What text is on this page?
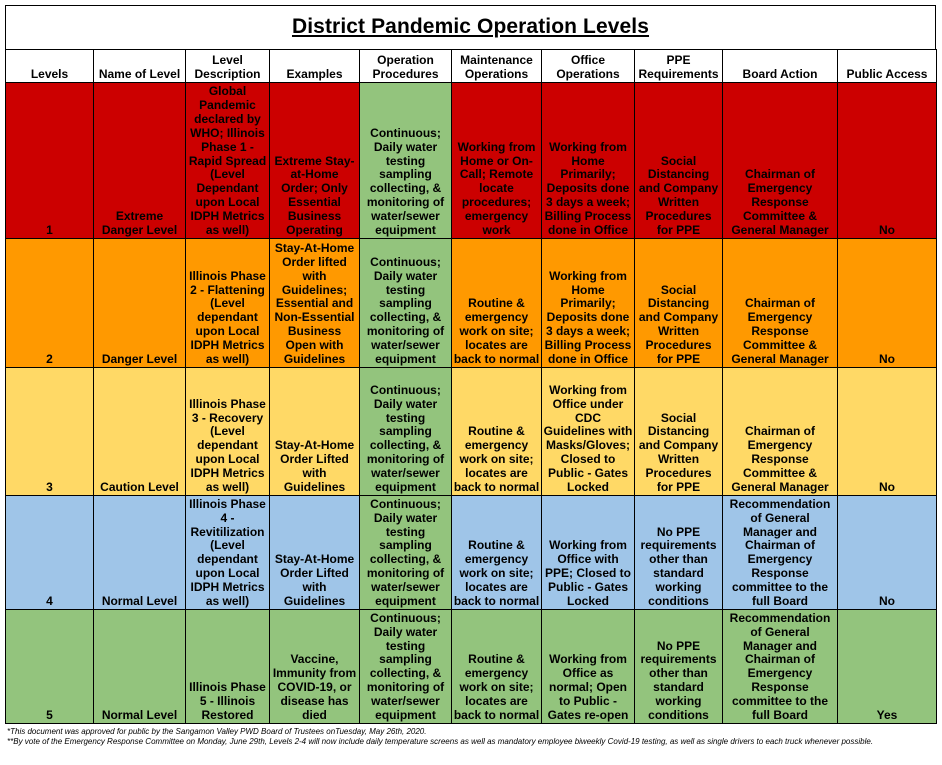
District Pandemic Operation Levels
Levels	Name of Level	Level Description	Examples	Operation Procedures	Maintenance Operations	Office Operations	PPE Requirements	Board Action	Public Access
1	Extreme Danger Level	Global Pandemic declared by WHO; Illinois Phase 1 - Rapid Spread (Level Dependant upon Local IDPH Metrics as well)	Extreme Stay-at-Home Order; Only Essential Business Operating	Continuous; Daily water testing sampling collecting, & monitoring of water/sewer equipment	Working from Home or On-Call; Remote locate procedures; emergency work	Working from Home Primarily; Deposits done 3 days a week; Billing Process done in Office	Social Distancing and Company Written Procedures for PPE	Chairman of Emergency Response Committee & General Manager	No
2	Danger Level	Illinois Phase 2 - Flattening (Level dependant upon Local IDPH Metrics as well)	Stay-At-Home Order lifted with Guidelines; Essential and Non-Essential Business Open with Guidelines	Continuous; Daily water testing sampling collecting, & monitoring of water/sewer equipment	Routine & emergency work on site; locates are back to normal	Working from Home Primarily; Deposits done 3 days a week; Billing Process done in Office	Social Distancing and Company Written Procedures for PPE	Chairman of Emergency Response Committee & General Manager	No
3	Caution Level	Illinois Phase 3 - Recovery (Level dependant upon Local IDPH Metrics as well)	Stay-At-Home Order Lifted with Guidelines	Continuous; Daily water testing sampling collecting, & monitoring of water/sewer equipment	Routine & emergency work on site; locates are back to normal	Working from Office under CDC Guidelines with Masks/Gloves; Closed to Public - Gates Locked	Social Distancing and Company Written Procedures for PPE	Chairman of Emergency Response Committee & General Manager	No
4	Normal Level	Illinois Phase 4 - Revitilization (Level dependant upon Local IDPH Metrics as well)	Stay-At-Home Order Lifted with Guidelines	Continuous; Daily water testing sampling collecting, & monitoring of water/sewer equipment	Routine & emergency work on site; locates are back to normal	Working from Office with PPE; Closed to Public - Gates Locked	No PPE requirements other than standard working conditions	Recommendation of General Manager and Chairman of Emergency Response committee to the full Board	No
5	Normal Level	Illinois Phase 5 - Illinois Restored	Vaccine, Immunity from COVID-19, or disease has died	Continuous; Daily water testing sampling collecting, & monitoring of water/sewer equipment	Routine & emergency work on site; locates are back to normal	Working from Office as normal; Open to Public - Gates re-open	No PPE requirements other than standard working conditions	Recommendation of General Manager and Chairman of Emergency Response committee to the full Board	Yes
*This document was approved for public by the Sangamon Valley PWD Board of Trustees onTuesday, May 26th, 2020.
**By vote of the Emergency Response Committee on Monday, June 29th, Levels 2-4 will now include daily temperature screens as well as mandatory employee biweekly Covid-19 testing, as well as single drivers to each truck whenever possible.
